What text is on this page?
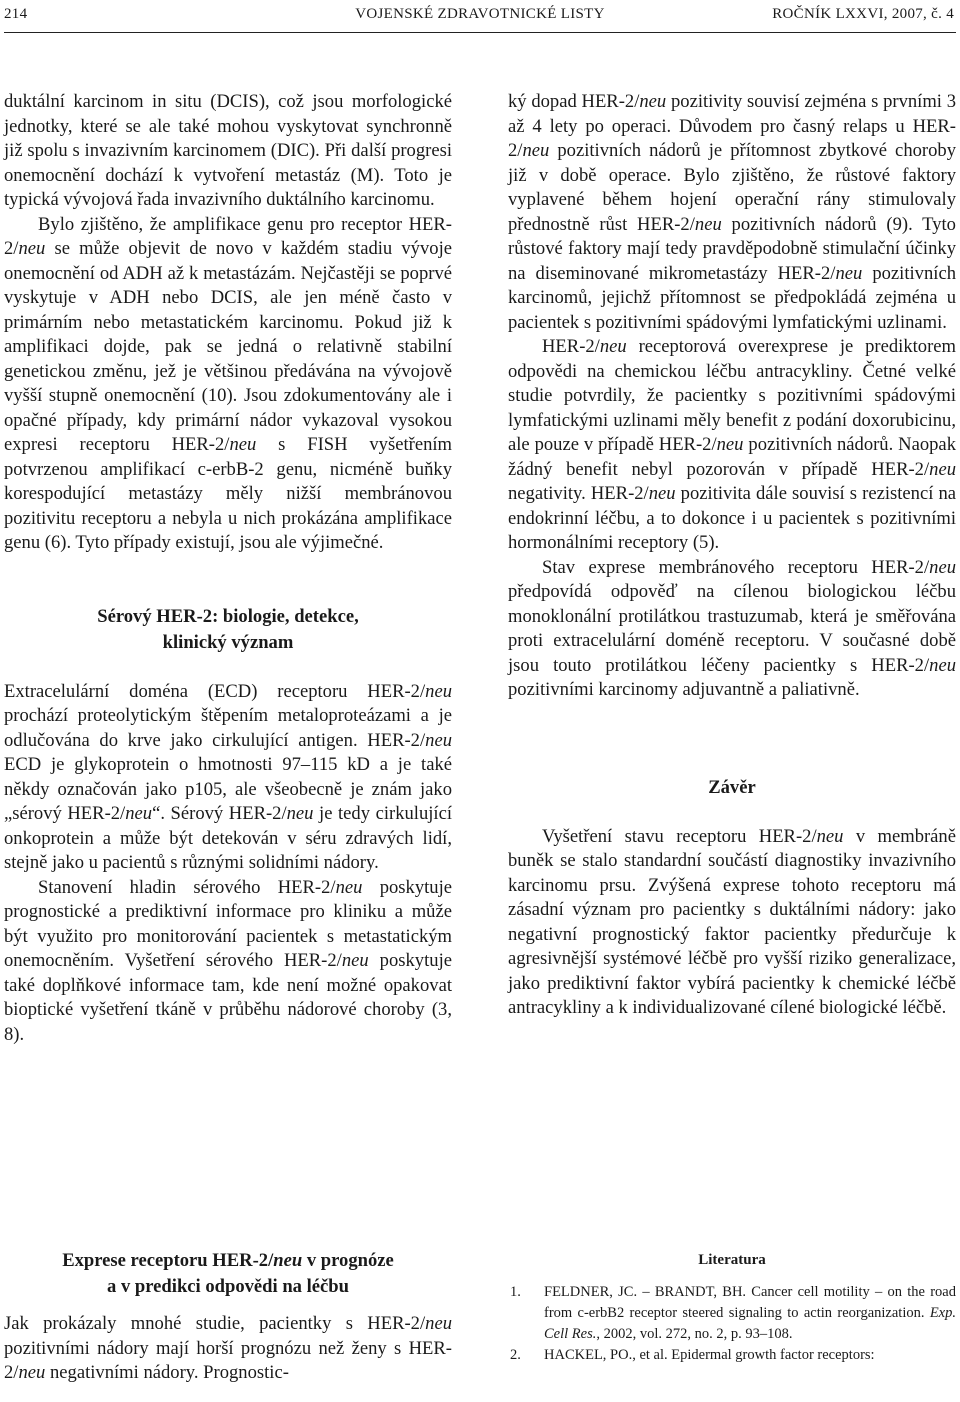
214	VOJENSKÉ ZDRAVOTNICKÉ LISTY	ROČNÍK LXXVI, 2007, č. 4

duktální karcinom in situ (DCIS), což jsou morfologické jednotky, které se ale také mohou vyskytovat synchronně již spolu s invazivním karcinomem (DIC). Při další progresi onemocnění dochází k vytvoření metastáz (M). Toto je typická vývojová řada invazivního duktálního karcinomu.

Bylo zjištěno, že amplifikace genu pro receptor HER-2/neu se může objevit de novo v každém stadiu vývoje onemocnění od ADH až k metastázám. Nejčastěji se poprvé vyskytuje v ADH nebo DCIS, ale jen méně často v primárním nebo metastatickém karcinomu. Pokud již k amplifikaci dojde, pak se jedná o relativně stabilní genetickou změnu, jež je většinou předávána na vývojově vyšší stupně onemocnění (10). Jsou zdokumentovány ale i opačné případy, kdy primární nádor vykazoval vysokou expresi receptoru HER-2/neu s FISH vyšetřením potvrzenou amplifikací c-erbB-2 genu, nicméně buňky korespodující metastázy měly nižší membránovou pozitivitu receptoru a nebyla u nich prokázána amplifikace genu (6). Tyto případy existují, jsou ale výjimečné.

Sérový HER-2: biologie, detekce,
klinický význam

Extracelulární doména (ECD) receptoru HER-2/neu prochází proteolytickým štěpením metaloproteázami a je odlučována do krve jako cirkulující antigen. HER-2/neu ECD je glykoprotein o hmotnosti 97–115 kD a je také někdy označován jako p105, ale všeobecně je znám jako „sérový HER-2/neu“. Sérový HER-2/neu je tedy cirkulující onkoprotein a může být detekován v séru zdravých lidí, stejně jako u pacientů s různými solidními nádory.

Stanovení hladin sérového HER-2/neu poskytuje prognostické a prediktivní informace pro kliniku a může být využito pro monitorování pacientek s metastatickým onemocněním. Vyšetření sérového HER-2/neu poskytuje také doplňkové informace tam, kde není možné opakovat bioptické vyšetření tkáně v průběhu nádorové choroby (3, 8).

Exprese receptoru HER-2/neu v prognóze
a v predikci odpovědi na léčbu

Jak prokázaly mnohé studie, pacientky s HER-2/neu pozitivními nádory mají horší prognózu než ženy s HER-2/neu negativními nádory. Prognostic-

ký dopad HER-2/neu pozitivity souvisí zejména s prvními 3 až 4 lety po operaci. Důvodem pro časný relaps u HER-2/neu pozitivních nádorů je přítomnost zbytkové choroby již v době operace. Bylo zjištěno, že růstové faktory vyplavené během hojení operační rány stimulovaly přednostně růst HER-2/neu pozitivních nádorů (9). Tyto růstové faktory mají tedy pravděpodobně stimulační účinky na diseminované mikrometastázy HER-2/neu pozitivních karcinomů, jejichž přítomnost se předpokládá zejména u pacientek s pozitivními spádovými lymfatickými uzlinami.

HER-2/neu receptorová overexprese je prediktorem odpovědi na chemickou léčbu antracykliny. Četné velké studie potvrdily, že pacientky s pozitivními spádovými lymfatickými uzlinami měly benefit z podání doxorubicinu, ale pouze v případě HER-2/neu pozitivních nádorů. Naopak žádný benefit nebyl pozorován v případě HER-2/neu negativity. HER-2/neu pozitivita dále souvisí s rezistencí na endokrinní léčbu, a to dokonce i u pacientek s pozitivními hormonálními receptory (5).

Stav exprese membránového receptoru HER-2/neu předpovídá odpověď na cílenou biologickou léčbu monoklonální protilátkou trastuzumab, která je směřována proti extracelulární doméně receptoru. V současné době jsou touto protilátkou léčeny pacientky s HER-2/neu pozitivními karcinomy adjuvantně a paliativně.

Závěr

Vyšetření stavu receptoru HER-2/neu v membráně buněk se stalo standardní součástí diagnostiky invazivního karcinomu prsu. Zvýšená exprese tohoto receptoru má zásadní význam pro pacientky s duktálními nádory: jako negativní prognostický faktor pacientky předurčuje k agresivnější systémové léčbě pro vyšší riziko generalizace, jako prediktivní faktor vybírá pacientky k chemické léčbě antracykliny a k individualizované cílené biologické léčbě.

Literatura

1. FELDNER, JC. – BRANDT, BH. Cancer cell motility – on the road from c-erbB2 receptor steered signaling to actin reorganization. Exp. Cell Res., 2002, vol. 272, no. 2, p. 93–108.
2. HACKEL, PO., et al. Epidermal growth factor receptors:
